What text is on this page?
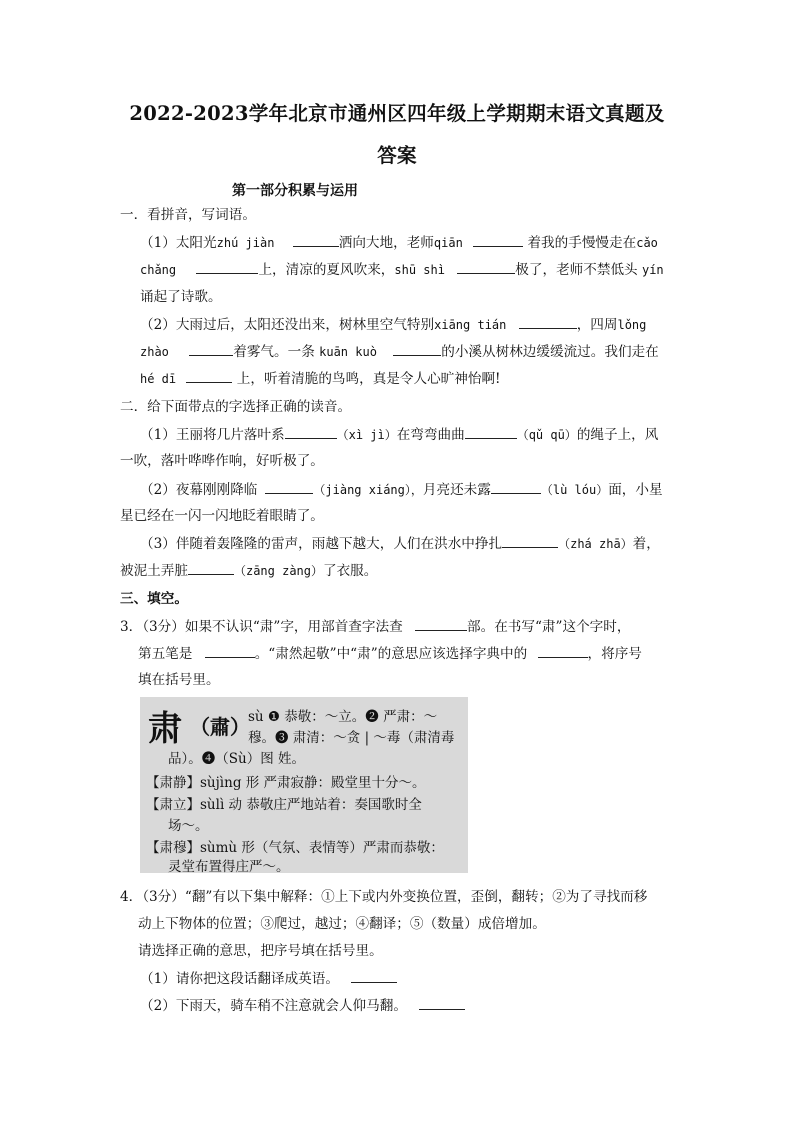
2022-2023学年北京市通州区四年级上学期期末语文真题及
答案
第一部分积累与运用
一．看拼音，写词语。
（1）太阳光zhú jiàn	洒向大地，老师qiān	着我的手慢慢走在cǎo
chǎng	上，清凉的夏风吹来，shū shì	极了，老师不禁低头 yín
诵起了诗歌。
（2）大雨过后，太阳还没出来，树林里空气特别xiāng tián	，四周lǒng
zhào	着雾气。一条 kuān kuò	的小溪从树林边缓缓流过。我们走在
hé dī	上，听着清脆的鸟鸣，真是令人心旷神怡啊!
二．给下面带点的字选择正确的读音。
（1）王丽将几片落叶系	（xì jì）在弯弯曲曲	（qǔ qū）的绳子上，风
一吹，落叶哗哗作响，好听极了。
（2）夜幕刚刚降临	（jiàng xiáng），月亮还未露	（lù lóu）面，小星
星已经在一闪一闪地眨着眼睛了。
（3）伴随着轰隆隆的雷声，雨越下越大，人们在洪水中挣扎	（zhá zhā）着，
被泥土弄脏	（zāng zàng）了衣服。
三、填空。
3．（3分）如果不认识“肃”字，用部首查字法查	部。在书写“肃”这个字时，
第五笔是	。“肃然起敬”中“肃”的意思应该选择字典中的	，将序号
填在括号里。
肃 （肅）
sù ❶ 恭敬：～立。❷ 严肃：～
穆。❸ 肃清：～贪 | ～毒（肃清毒
品）。❹（Sù）图 姓。
【肃静】sùjìng 形 严肃寂静：殿堂里十分～。
【肃立】sùlì 动 恭敬庄严地站着：奏国歌时全
场～。
【肃穆】sùmù 形（气氛、表情等）严肃而恭敬：
灵堂布置得庄严～。
4．（3分）“翻”有以下集中解释：①上下或内外变换位置，歪倒，翻转；②为了寻找而移
动上下物体的位置；③爬过，越过；④翻译；⑤（数量）成倍增加。
请选择正确的意思，把序号填在括号里。
（1）请你把这段话翻译成英语。
（2）下雨天，骑车稍不注意就会人仰马翻。
